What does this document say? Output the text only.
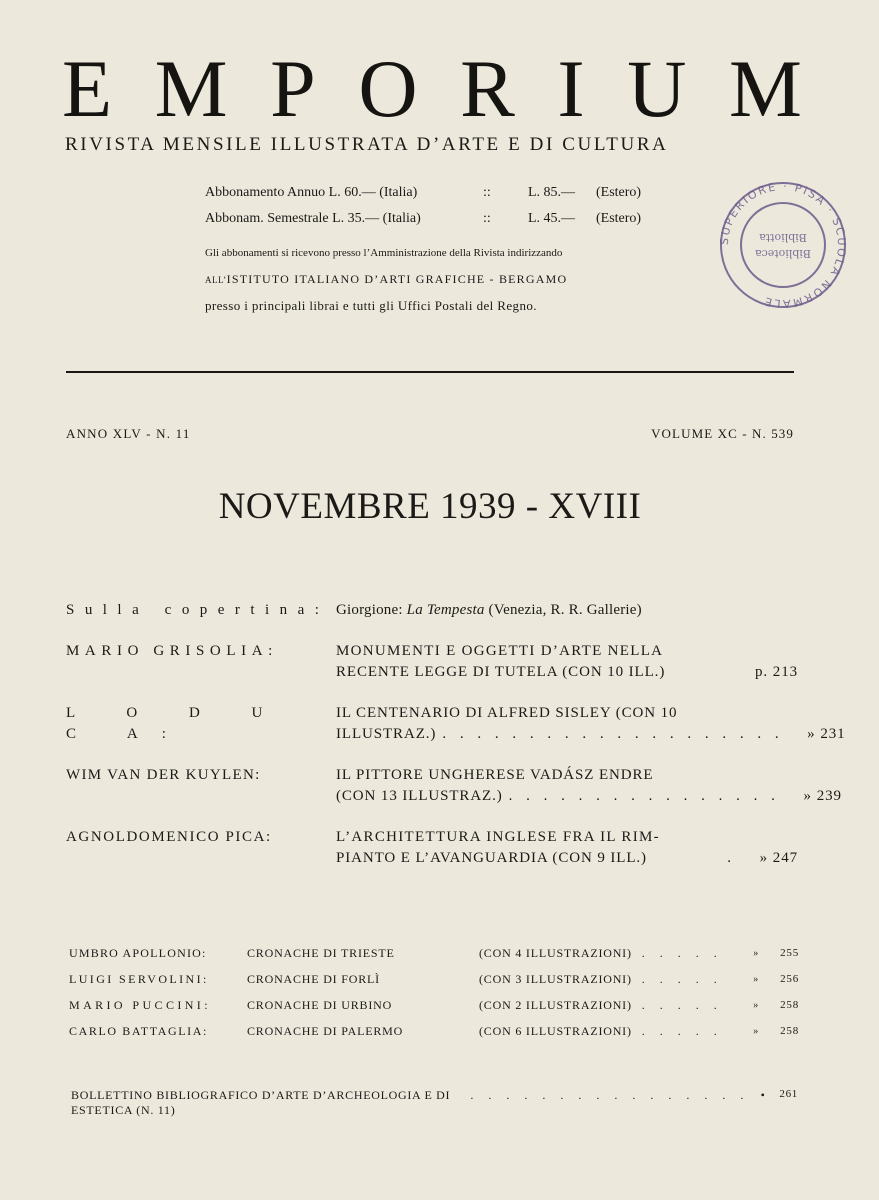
E M P O R I U M
RIVISTA MENSILE ILLUSTRATA D’ARTE E DI CULTURA
Abbonamento Annuo L. 60.— (Italia)	::	L. 85.—	(Estero)
Abbonam. Semestrale L. 35.— (Italia)	::	L. 45.—	(Estero)
Gli abbonamenti si ricevono presso l’Amministrazione della Rivista indirizzando
ALL’ISTITUTO ITALIANO D’ARTI GRAFICHE - BERGAMO
presso i principali librai e tutti gli Uffici Postali del Regno.
SUPERIORE · PISA · SCUOLA NORMALE
Biblioteca
Bibliotta
ANNO XLV - N. 11	VOLUME XC - N. 539
NOVEMBRE 1939 - XVIII
S u l l a c o p e r t i n a :	Giorgione: La Tempesta (Venezia, R. R. Gallerie)
MARIO GRISOLIA:	MONUMENTI E OGGETTI D’ARTE NELLA
RECENTE LEGGE DI TUTELA (CON 10 ILL.)	p. 213
L O D U C A:
IL CENTENARIO DI ALFRED SISLEY (CON 10
ILLUSTRAZ.) . . . . . . . . . . . . . . . . . . . .	» 231
WIM VAN DER KUYLEN:	IL PITTORE UNGHERESE VADÁSZ ENDRE
(CON 13 ILLUSTRAZ.) . . . . . . . . . . . . . . . .	» 239
AGNOLDOMENICO PICA:	L’ARCHITETTURA INGLESE FRA IL RIM-
PIANTO E L’AVANGUARDIA (CON 9 ILL.)	.	» 247
UMBRO APOLLONIO:	CRONACHE DI TRIESTE	(CON 4 ILLUSTRAZIONI) . . . . .	»	255
LUIGI SERVOLINI:	CRONACHE DI FORLÌ	(CON 3 ILLUSTRAZIONI) . . . . .	»	256
MARIO PUCCINI:	CRONACHE DI URBINO	(CON 2 ILLUSTRAZIONI) . . . . .	»	258
CARLO BATTAGLIA:	CRONACHE DI PALERMO	(CON 6 ILLUSTRAZIONI) . . . . .	»	258
BOLLETTINO BIBLIOGRAFICO D’ARTE D’ARCHEOLOGIA E DI ESTETICA (N. 11)
. . . . . . . . . . . . . . . . •	261
